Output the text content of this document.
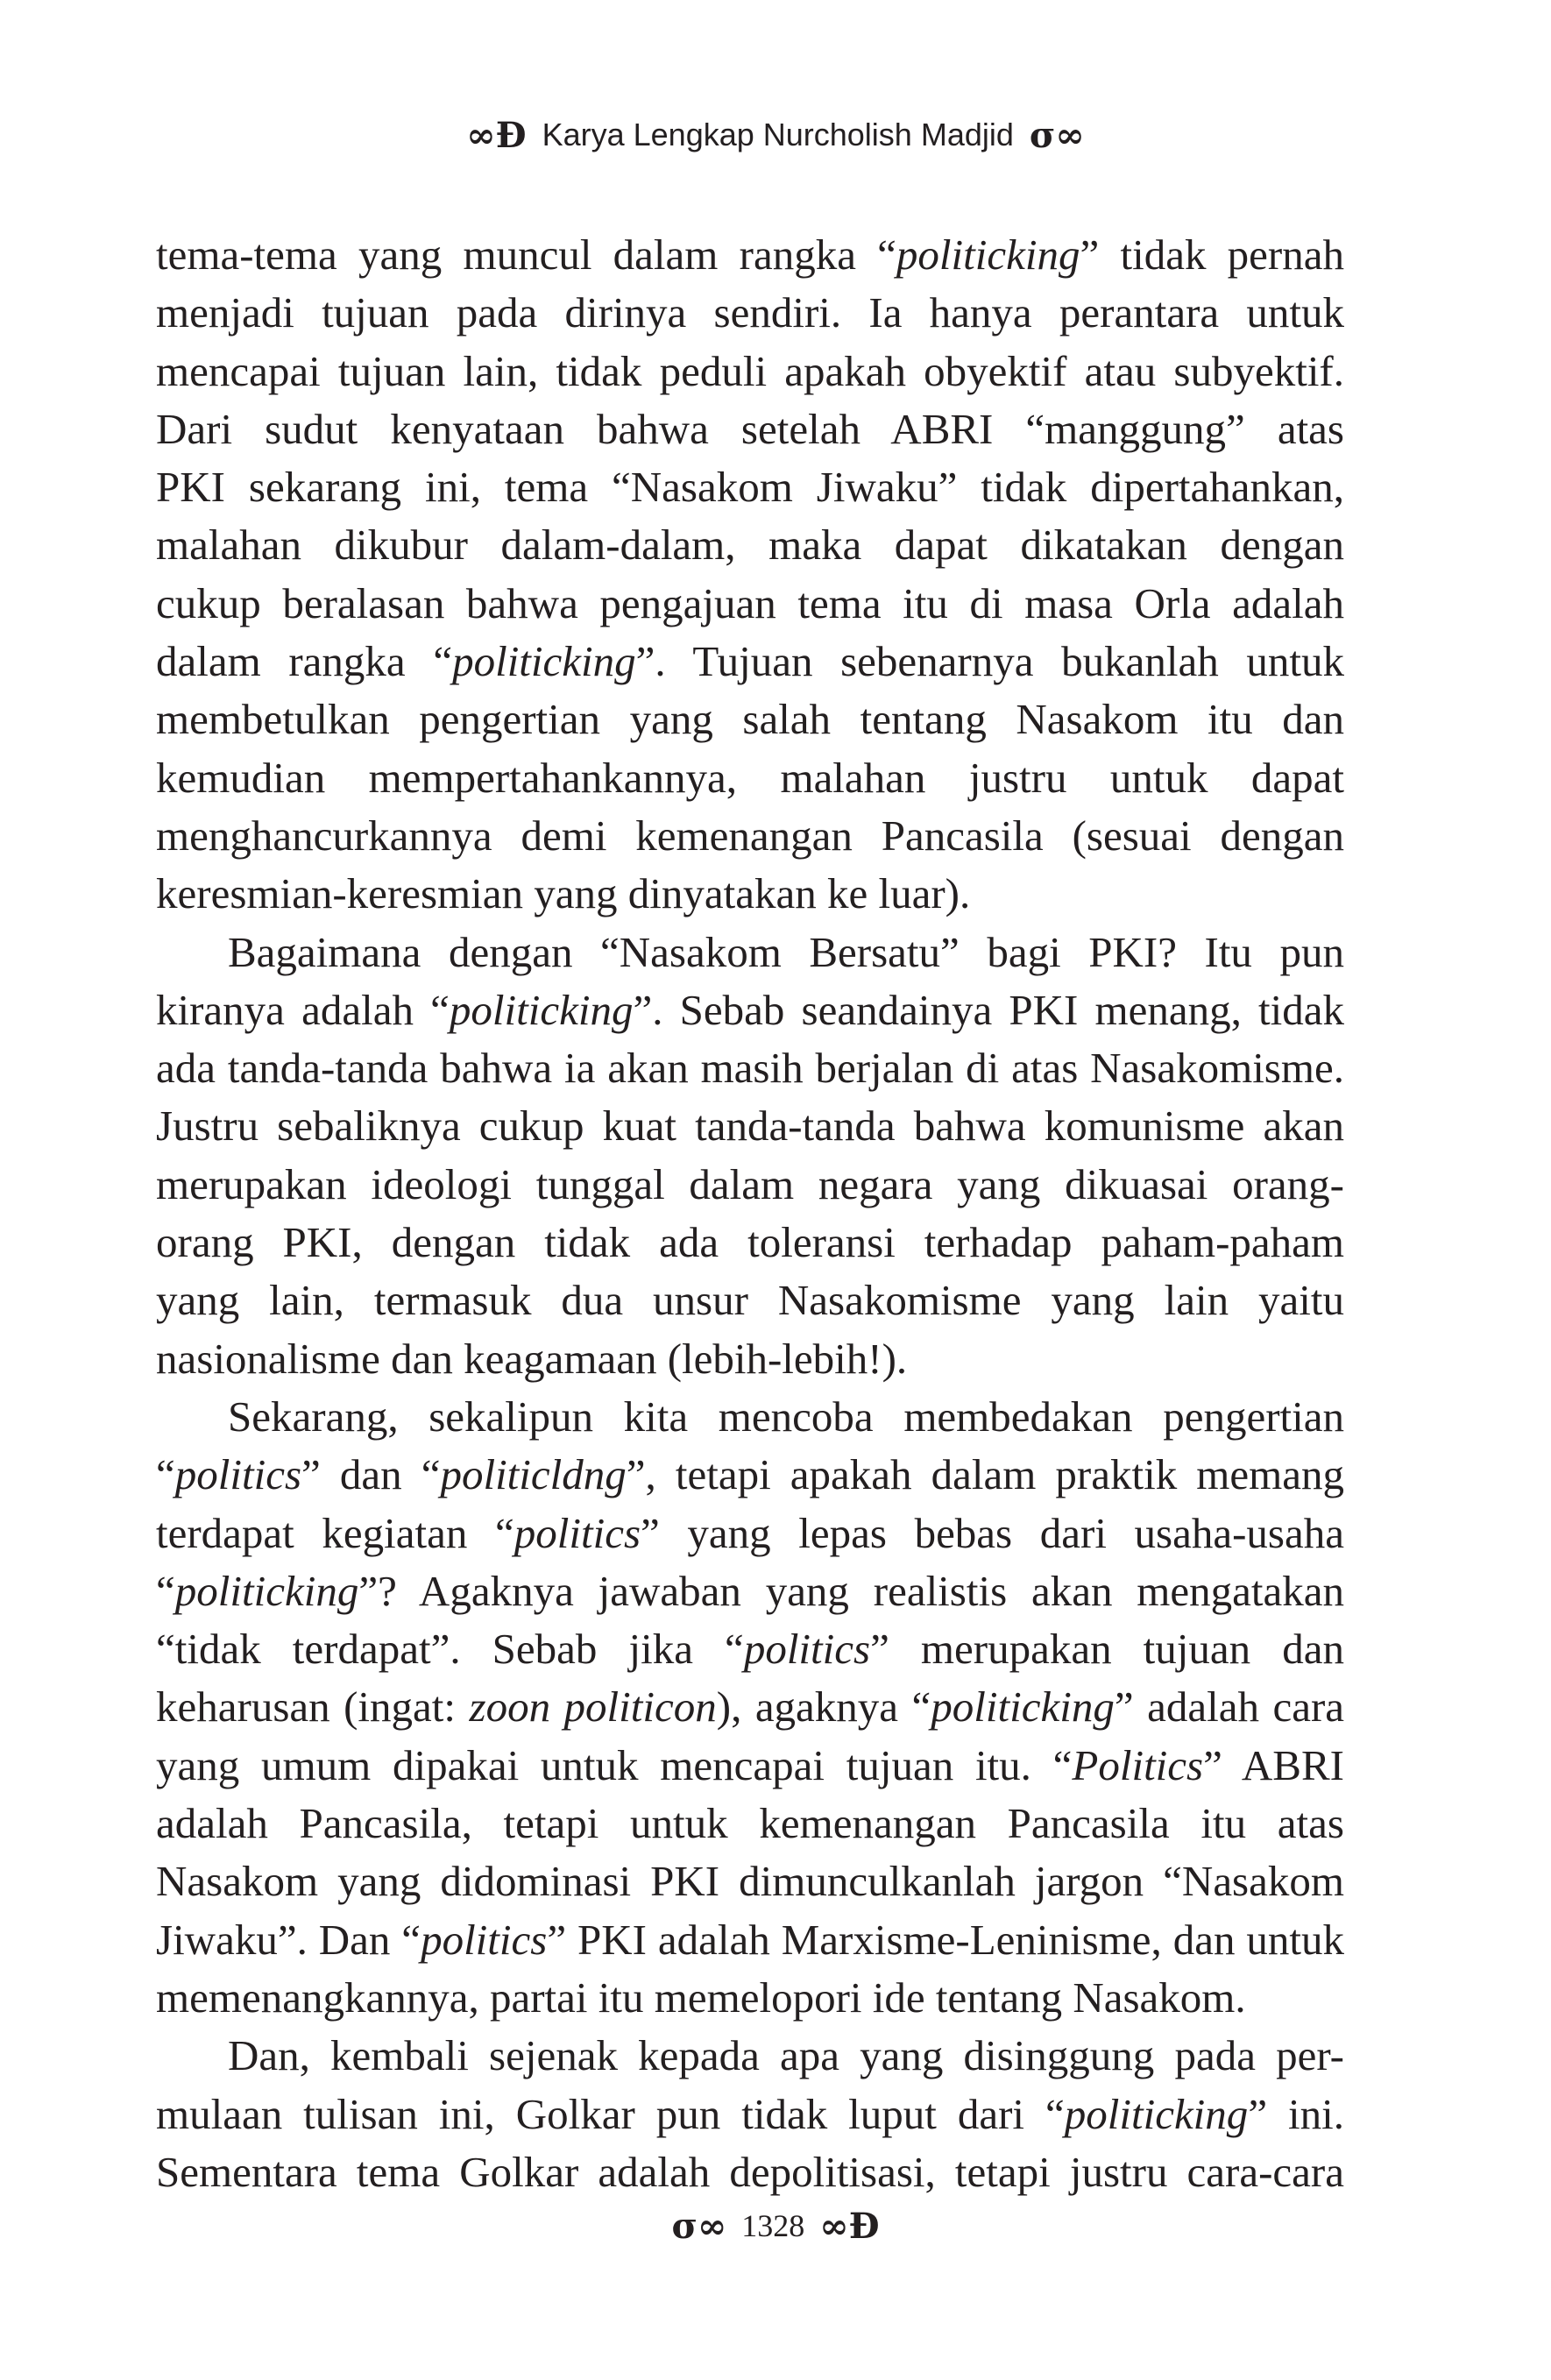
∞Ɖ Karya Lengkap Nurcholish Madjid σ∞
tema-tema yang muncul dalam rangka “politicking” tidak pernah
menjadi tujuan pada dirinya sendiri. Ia hanya perantara untuk
mencapai tujuan lain, tidak peduli apakah obyektif atau subyektif.
Dari sudut kenyataan bahwa setelah ABRI “manggung” atas
PKI sekarang ini, tema “Nasakom Jiwaku” tidak dipertahankan,
malahan dikubur dalam-dalam, maka dapat dikatakan dengan
cukup beralasan bahwa pengajuan tema itu di masa Orla adalah
dalam rangka “politicking”. Tujuan sebenarnya bukanlah untuk
membetulkan pengertian yang salah tentang Nasakom itu dan
kemudian mempertahankannya, malahan justru untuk dapat
menghancurkannya demi kemenangan Pancasila (sesuai dengan
keresmian-keresmian yang dinyatakan ke luar).
Bagaimana dengan “Nasakom Bersatu” bagi PKI? Itu pun
kiranya adalah “politicking”. Sebab seandainya PKI menang, tidak
ada tanda-tanda bahwa ia akan masih berjalan di atas Nasakomisme.
Justru sebaliknya cukup kuat tanda-tanda bahwa komunisme akan
merupakan ideologi tunggal dalam negara yang dikuasai orang-
orang PKI, dengan tidak ada toleransi terhadap paham-paham
yang lain, termasuk dua unsur Nasakomisme yang lain yaitu
nasionalisme dan keagamaan (lebih-lebih!).
Sekarang, sekalipun kita mencoba membedakan pengertian
“politics” dan “politicldng”, tetapi apakah dalam praktik memang
terdapat kegiatan “politics” yang lepas bebas dari usaha-usaha
“politicking”? Agaknya jawaban yang realistis akan mengatakan
“tidak terdapat”. Sebab jika “politics” merupakan tujuan dan
keharusan (ingat: zoon politicon), agaknya “politicking” adalah cara
yang umum dipakai untuk mencapai tujuan itu. “Politics” ABRI
adalah Pancasila, tetapi untuk kemenangan Pancasila itu atas
Nasakom yang didominasi PKI dimunculkanlah jargon “Nasakom
Jiwaku”. Dan “politics” PKI adalah Marxisme-Leninisme, dan untuk
memenangkannya, partai itu memelopori ide tentang Nasakom.
Dan, kembali sejenak kepada apa yang disinggung pada per-
mulaan tulisan ini, Golkar pun tidak luput dari “politicking” ini.
Sementara tema Golkar adalah depolitisasi, tetapi justru cara-cara
σ∞ 1328 ∞Ɖ
